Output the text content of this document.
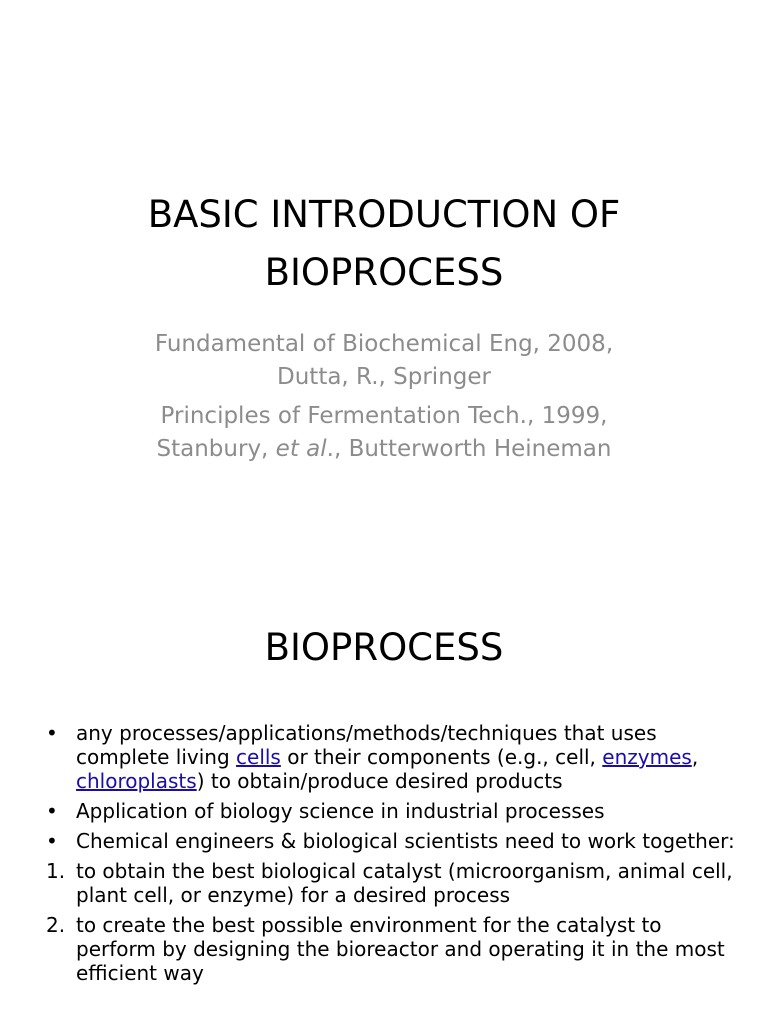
BASIC INTRODUCTION OF
BIOPROCESS

Fundamental of Biochemical Eng, 2008,
Dutta, R., Springer

Principles of Fermentation Tech., 1999,
Stanbury, et al., Butterworth Heineman

BIOPROCESS
• any processes/applications/methods/techniques that uses complete living cells or their components (e.g., cell, enzymes, chloroplasts) to obtain/produce desired products
• Application of biology science in industrial processes
• Chemical engineers & biological scientists need to work together:
1. to obtain the best biological catalyst (microorganism, animal cell, plant cell, or enzyme) for a desired process
2. to create the best possible environment for the catalyst to perform by designing the bioreactor and operating it in the most efficient way
